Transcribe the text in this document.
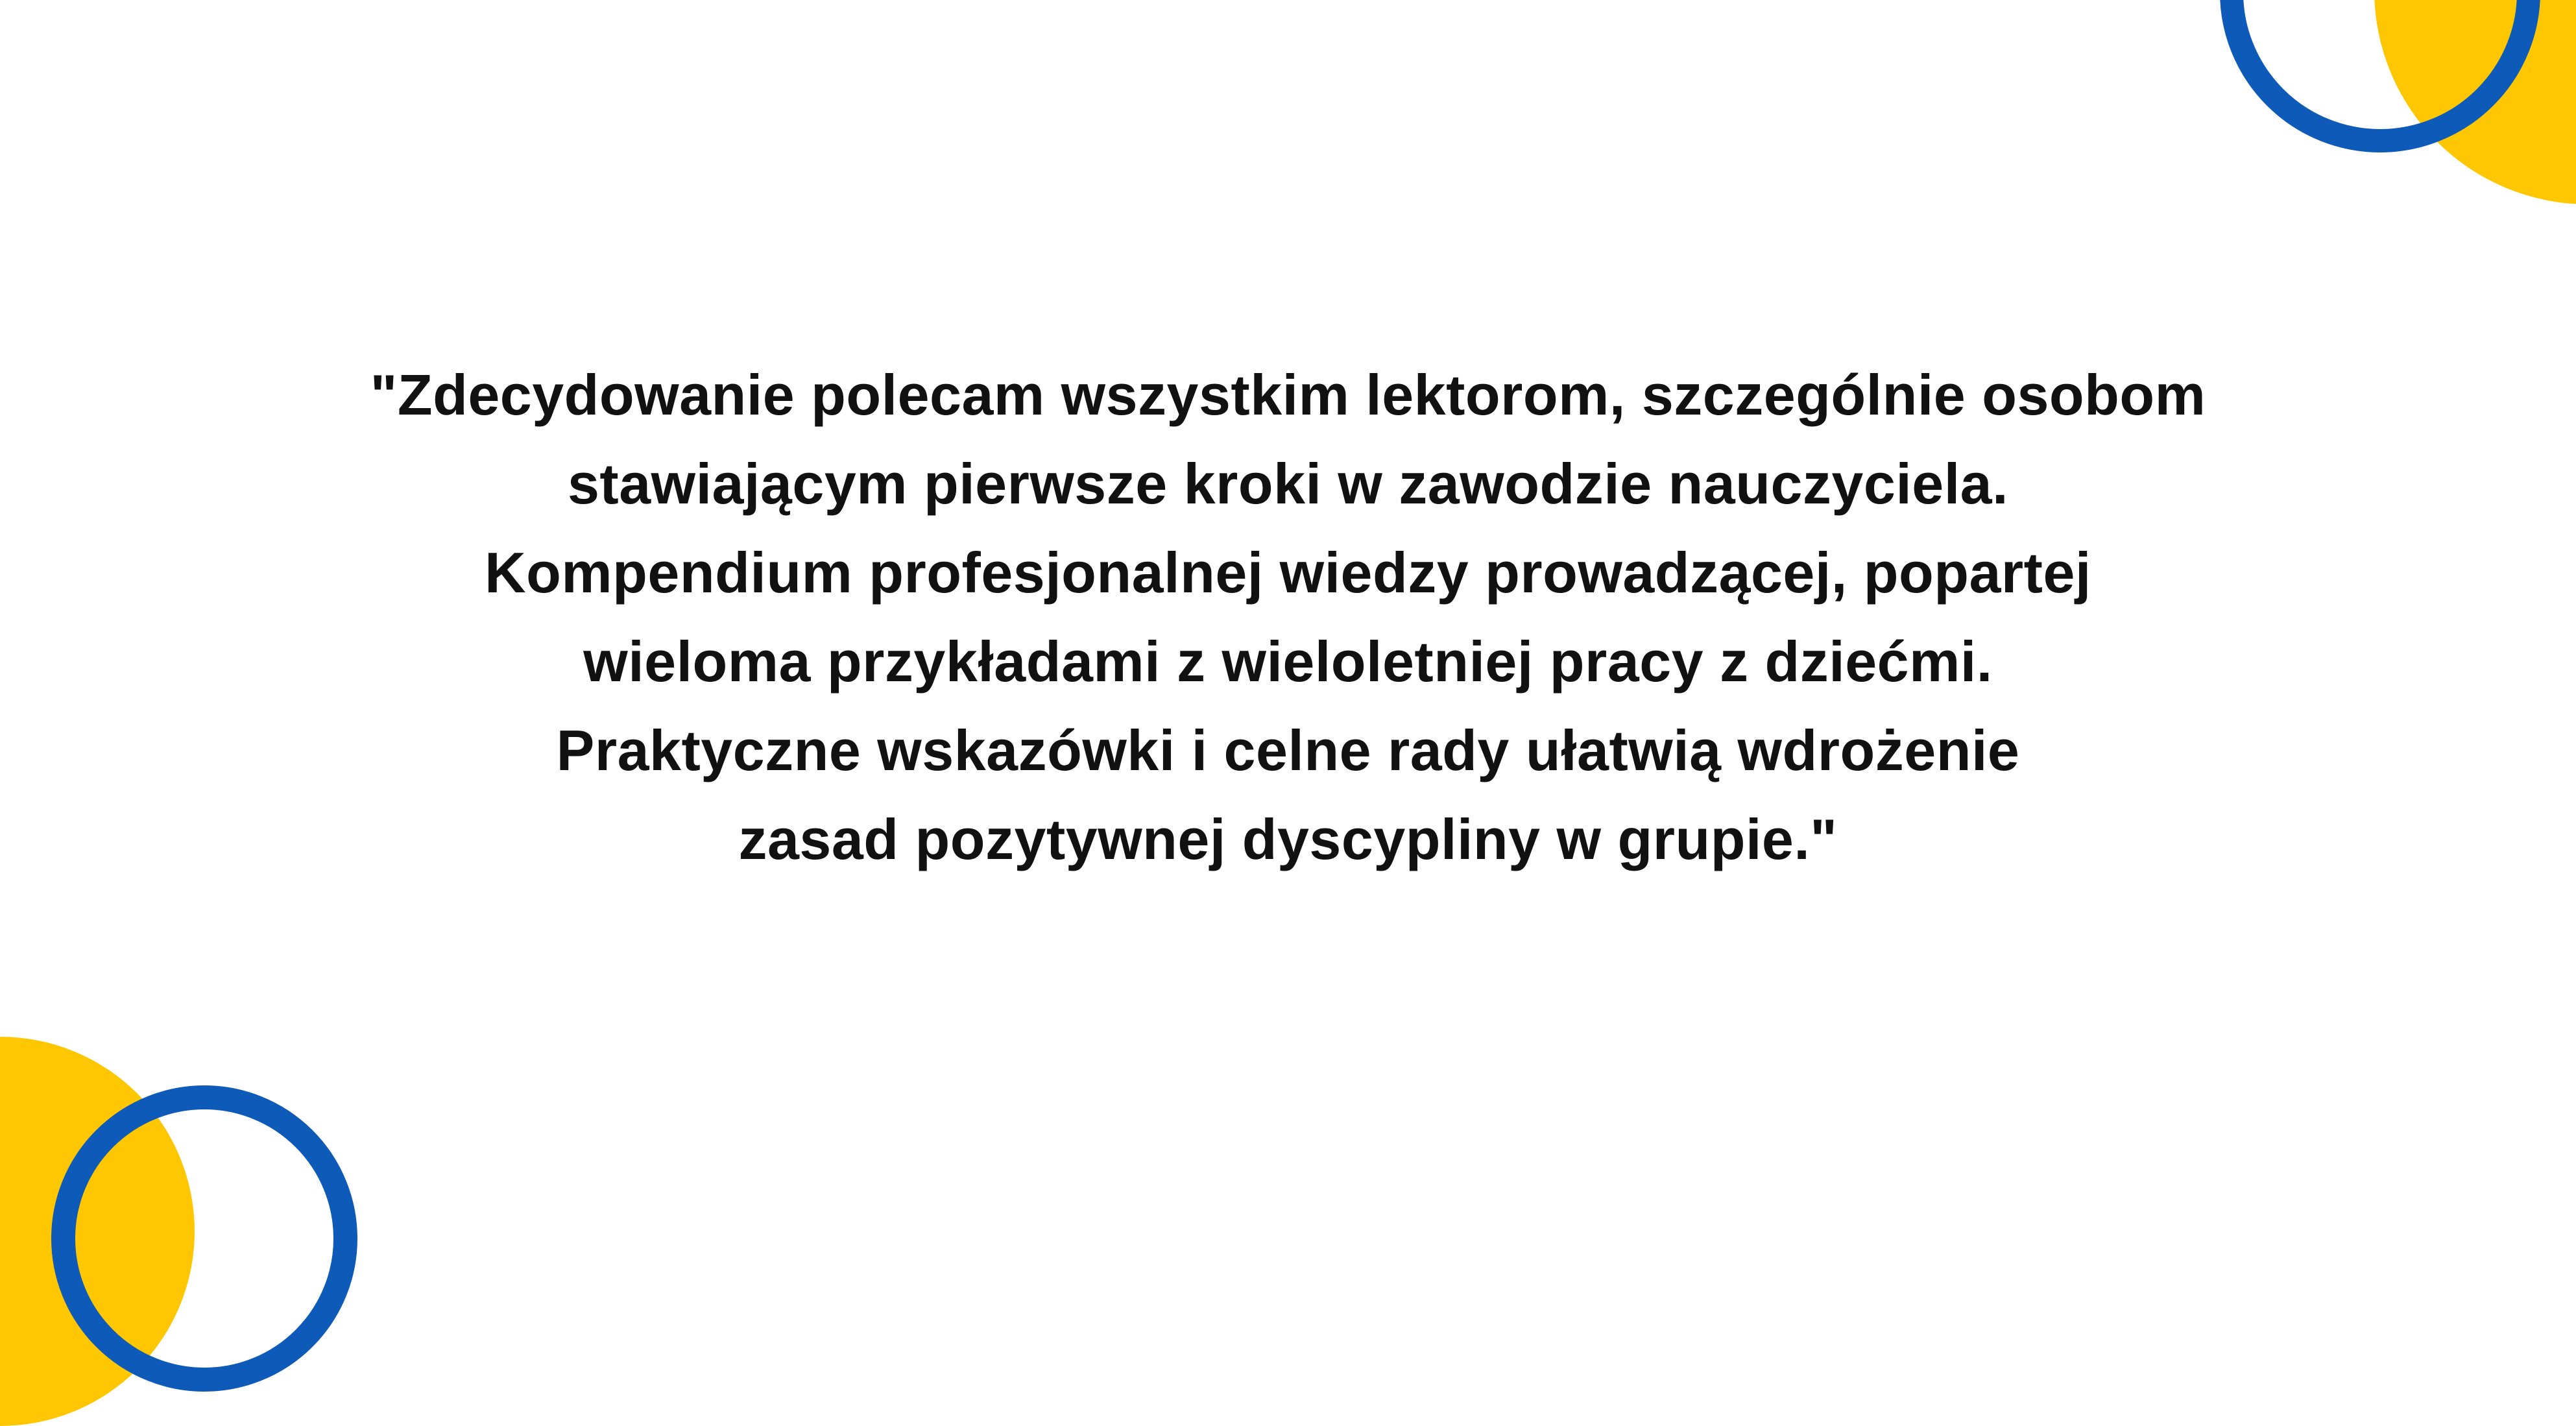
"Zdecydowanie polecam wszystkim lektorom, szczególnie osobom
stawiającym pierwsze kroki w zawodzie nauczyciela.
Kompendium profesjonalnej wiedzy prowadzącej, popartej
wieloma przykładami z wieloletniej pracy z dziećmi.
Praktyczne wskazówki i celne rady ułatwią wdrożenie
zasad pozytywnej dyscypliny w grupie."
